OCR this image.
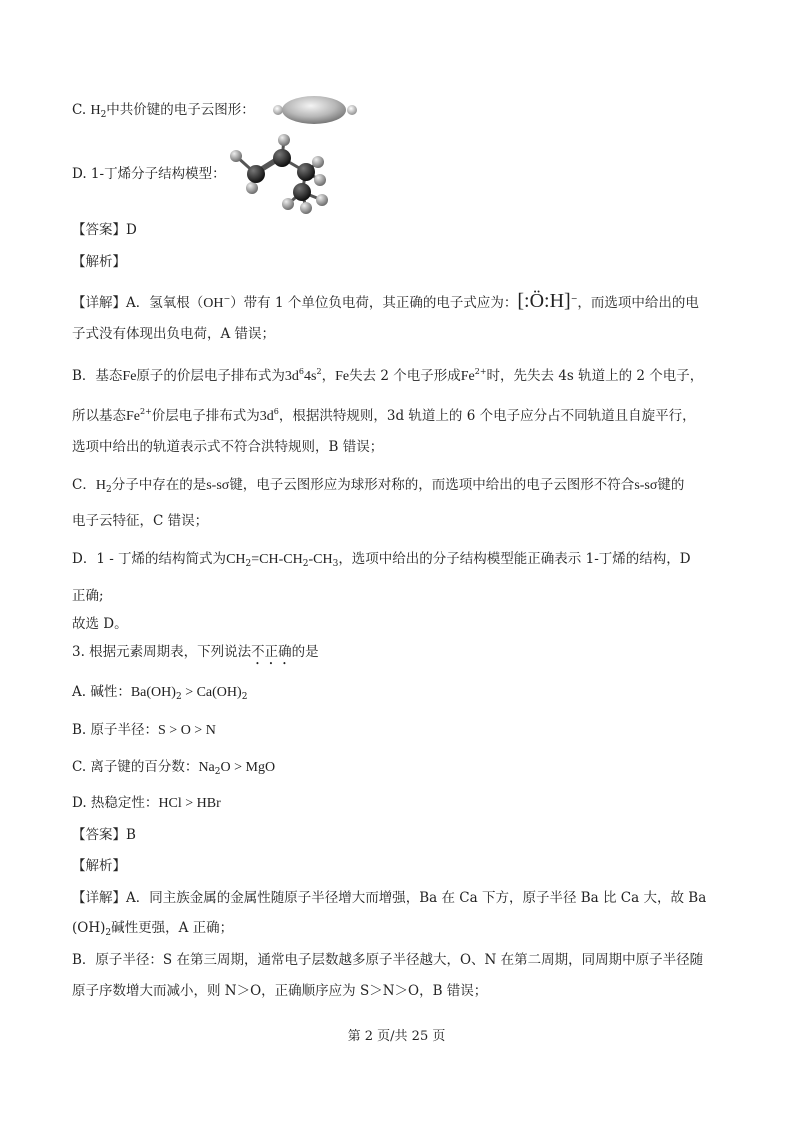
C. $H_2$中共价键的电子云图形：
D. 1-丁烯分子结构模型：
【答案】D
【解析】
【详解】A．氢氧根（OH−）带有 1 个单位负电荷，其正确的电子式应为：[:Ö:H]−，而选项中给出的电
子式没有体现出负电荷，A 错误；
B．基态Fe原子的价层电子排布式为$3d^64s^2$，Fe失去 2 个电子形成$Fe^{2+}$时，先失去 4s 轨道上的 2 个电子，
所以基态$Fe^{2+}$价层电子排布式为$3d^6$，根据洪特规则，3d 轨道上的 6 个电子应分占不同轨道且自旋平行，
选项中给出的轨道表示式不符合洪特规则，B 错误；
C．$H_2$分子中存在的是s-sσ键，电子云图形应为球形对称的，而选项中给出的电子云图形不符合s-sσ键的
电子云特征，C 错误；
D．1 - 丁烯的结构简式为$CH_2=CH-CH_2-CH_3$，选项中给出的分子结构模型能正确表示 1-丁烯的结构，D
正确;
故选 D。
3. 根据元素周期表，下列说法不正确的是
A. 碱性：$Ba(OH)_2 > Ca(OH)_2$
B. 原子半径：S > O > N
C. 离子键的百分数：$Na_2O$ > MgO
D. 热稳定性：HCl > HBr
【答案】B
【解析】
【详解】A．同主族金属的金属性随原子半径增大而增强，Ba 在 Ca 下方，原子半径 Ba 比 Ca 大，故 Ba
$(OH)_2$碱性更强，A 正确；
B．原子半径：S 在第三周期，通常电子层数越多原子半径越大，O、N 在第二周期，同周期中原子半径随
原子序数增大而减小，则 N＞O，正确顺序应为 S＞N＞O，B 错误；
第 2 页/共 25 页
